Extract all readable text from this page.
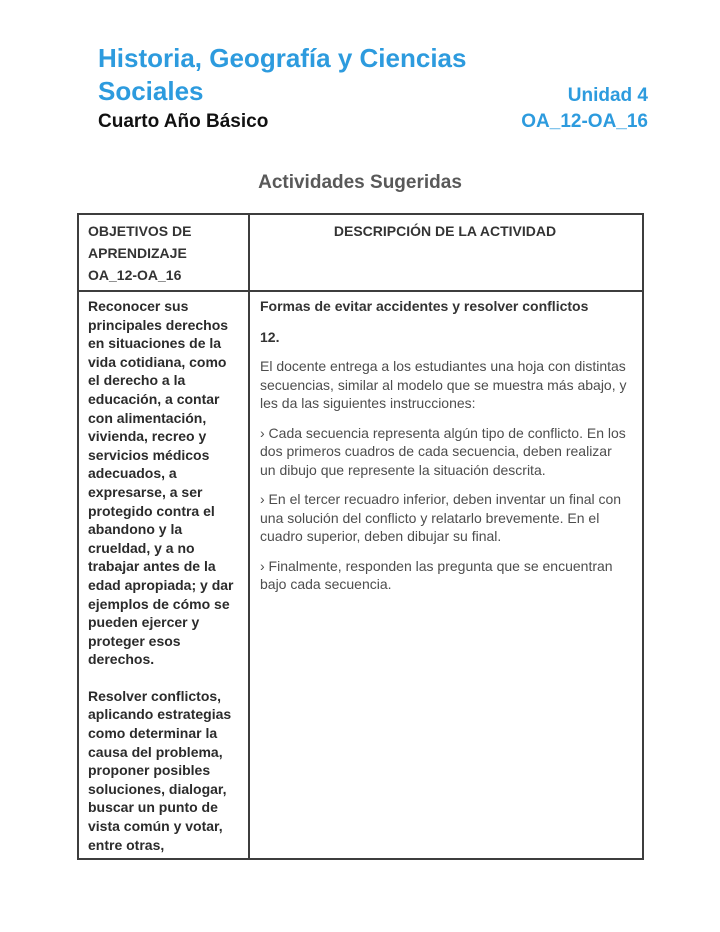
Historia, Geografía y Ciencias
Sociales
Cuarto Año Básico
Unidad 4
OA_12-OA_16
Actividades Sugeridas
OBJETIVOS DE APRENDIZAJE OA_12-OA_16
DESCRIPCIÓN DE LA ACTIVIDAD

Reconocer sus principales derechos en situaciones de la vida cotidiana, como el derecho a la educación, a contar con alimentación, vivienda, recreo y servicios médicos adecuados, a expresarse, a ser protegido contra el abandono y la crueldad, y a no trabajar antes de la edad apropiada; y dar ejemplos de cómo se pueden ejercer y proteger esos derechos.

Resolver conflictos, aplicando estrategias como determinar la causa del problema, proponer posibles soluciones, dialogar, buscar un punto de vista común y votar, entre otras,

Formas de evitar accidentes y resolver conflictos

12.

El docente entrega a los estudiantes una hoja con distintas secuencias, similar al modelo que se muestra más abajo, y les da las siguientes instrucciones:

› Cada secuencia representa algún tipo de conflicto. En los dos primeros cuadros de cada secuencia, deben realizar un dibujo que represente la situación descrita.

› En el tercer recuadro inferior, deben inventar un final con una solución del conflicto y relatarlo brevemente. En el cuadro superior, deben dibujar su final.

› Finalmente, responden las pregunta que se encuentran bajo cada secuencia.
